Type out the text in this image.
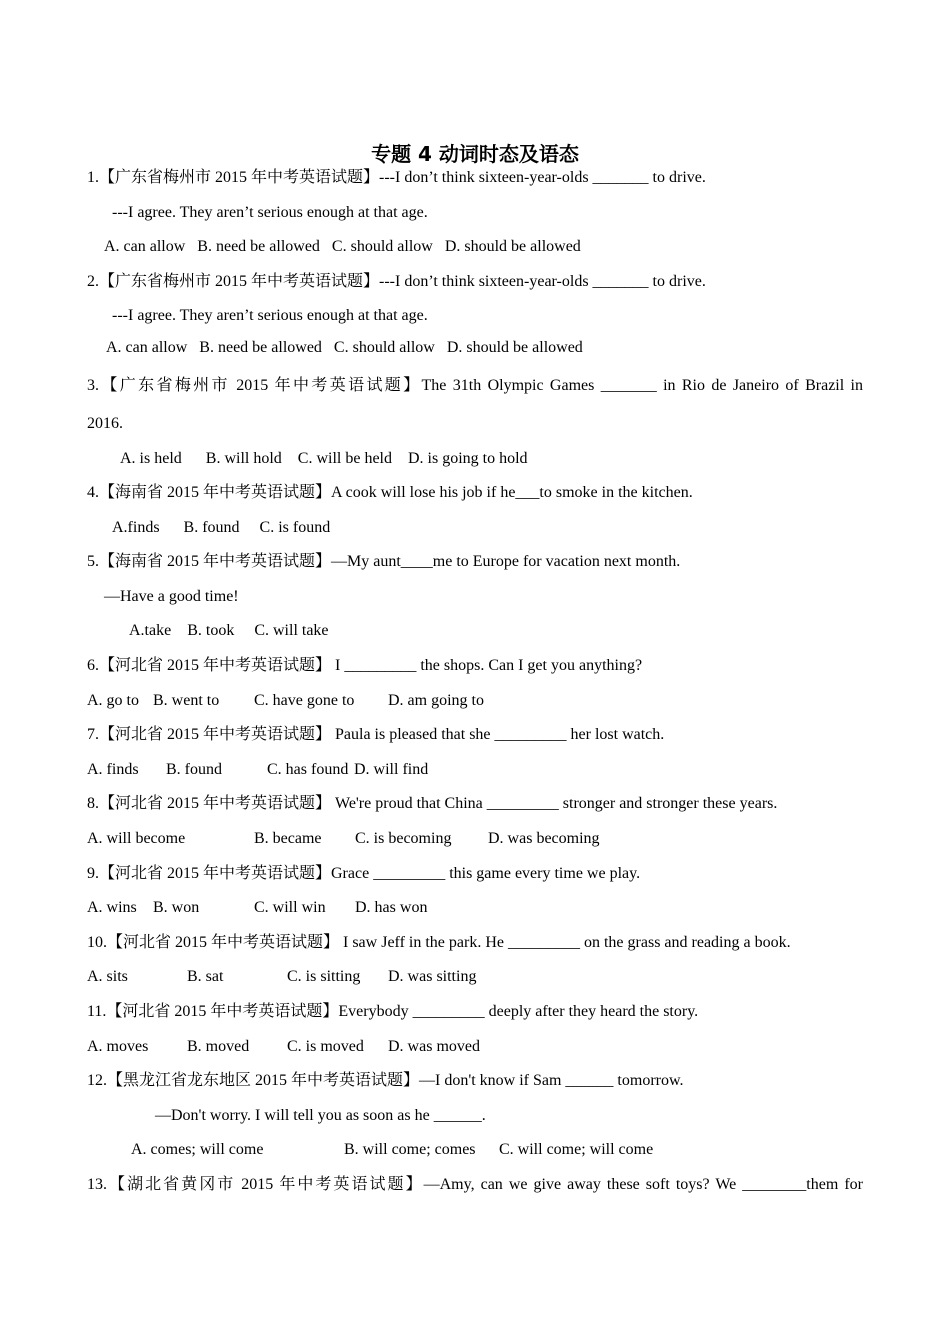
专题 4 动词时态及语态
1.【广东省梅州市 2015 年中考英语试题】---I don’t think sixteen-year-olds _______ to drive.
---I agree. They aren’t serious enough at that age.
A. can allow   B. need be allowed   C. should allow   D. should be allowed
2.【广东省梅州市 2015 年中考英语试题】---I don’t think sixteen-year-olds _______ to drive.
---I agree. They aren’t serious enough at that age.
A. can allow   B. need be allowed   C. should allow   D. should be allowed
3.【广东省梅州市 2015 年中考英语试题】The 31th Olympic Games _______ in Rio de Janeiro of Brazil in
2016.
A. is held      B. will hold    C. will be held    D. is going to hold
4.【海南省 2015 年中考英语试题】A cook will lose his job if he___to smoke in the kitchen.
A.finds      B. found     C. is found
5.【海南省 2015 年中考英语试题】—My aunt____me to Europe for vacation next month.
—Have a good time!
A.take    B. took     C. will take
6.【河北省 2015 年中考英语试题】 I _________ the shops. Can I get you anything?
A. go to B. went to C. have gone to D. am going to
7.【河北省 2015 年中考英语试题】 Paula is pleased that she _________ her lost watch.
A. finds B. found	C. has found D. will find
8.【河北省 2015 年中考英语试题】 We're proud that China _________ stronger and stronger these years.
A. will become	B. became C. is becoming D. was becoming
9.【河北省 2015 年中考英语试题】Grace _________ this game every time we play.
A. wins B. won	C. will win D. has won
10.【河北省 2015 年中考英语试题】 I saw Jeff in the park. He _________ on the grass and reading a book.
A. sits	B. sat	C. is sitting D. was sitting
11.【河北省 2015 年中考英语试题】Everybody _________ deeply after they heard the story.
A. moves B. moved C. is moved D. was moved
12.【黑龙江省龙东地区 2015 年中考英语试题】—I don't know if Sam ______ tomorrow.
—Don't worry. I will tell you as soon as he ______.
A. comes; will come	B. will come; comes C. will come; will come
13.【湖北省黄冈市 2015 年中考英语试题】—Amy, can we give away these soft toys? We ________them for
